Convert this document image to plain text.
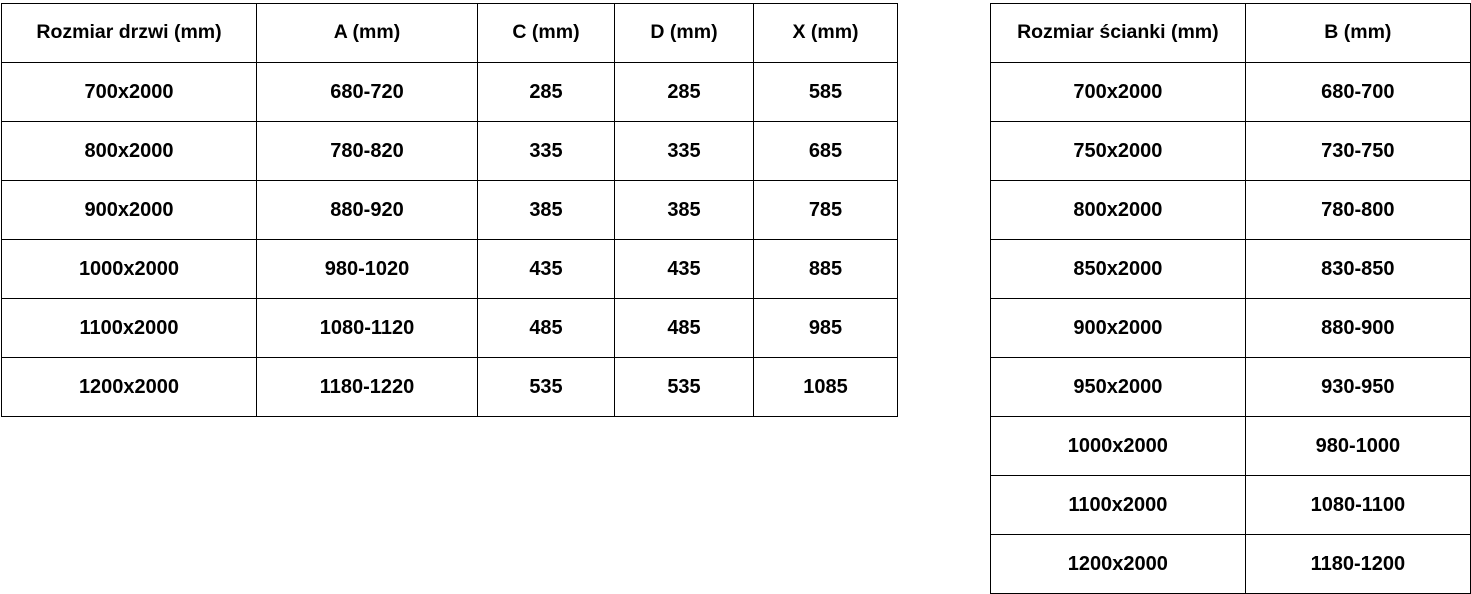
Rozmiar drzwi (mm)	A (mm)	C (mm)	D (mm)	X (mm)
700x2000	680-720	285	285	585
800x2000	780-820	335	335	685
900x2000	880-920	385	385	785
1000x2000	980-1020	435	435	885
1100x2000	1080-1120	485	485	985
1200x2000	1180-1220	535	535	1085
Rozmiar ścianki (mm)	B (mm)
700x2000	680-700
750x2000	730-750
800x2000	780-800
850x2000	830-850
900x2000	880-900
950x2000	930-950
1000x2000	980-1000
1100x2000	1080-1100
1200x2000	1180-1200
